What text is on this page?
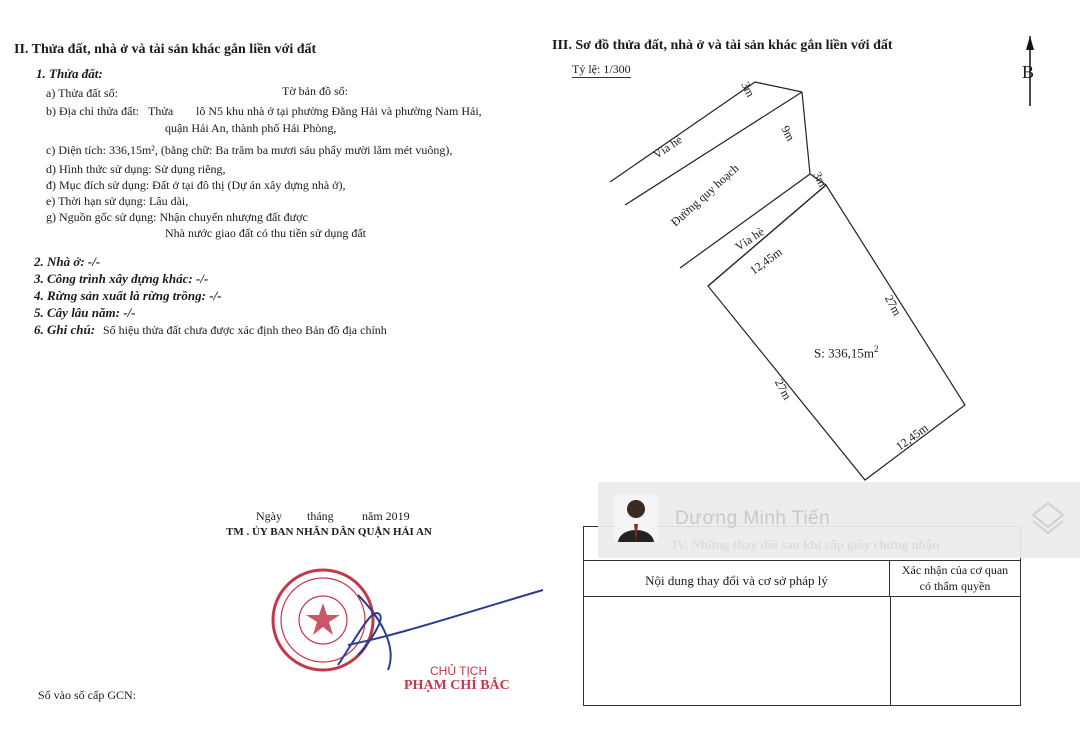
II. Thửa đất, nhà ở và tài sản khác gắn liền với đất
1. Thửa đất:
a) Thửa đất số:	Tờ bản đồ số:
b) Địa chỉ thửa đất: Thửa lô N5 khu nhà ở tại phường Đằng Hải và phường Nam Hải,
quận Hải An, thành phố Hải Phòng,
c) Diện tích: 336,15m², (bằng chữ: Ba trăm ba mươi sáu phẩy mười lăm mét vuông),
d) Hình thức sử dụng: Sử dụng riêng,
đ) Mục đích sử dụng: Đất ở tại đô thị (Dự án xây dựng nhà ở),
e) Thời hạn sử dụng: Lâu dài,
g) Nguồn gốc sử dụng: Nhận chuyển nhượng đất được
Nhà nước giao đất có thu tiền sử dụng đất
2. Nhà ở: -/-
3. Công trình xây dựng khác: -/-
4. Rừng sản xuất là rừng trồng: -/-
5. Cây lâu năm: -/-
6. Ghi chú: Số hiệu thửa đất chưa được xác định theo Bản đồ địa chính
Ngày tháng năm 2019
TM . ỦY BAN NHÂN DÂN QUẬN HẢI AN
CHỦ TỊCH
PHẠM CHÍ BẮC
Số vào sổ cấp GCN:
III. Sơ đồ thửa đất, nhà ở và tài sản khác gắn liền với đất
Tỷ lệ: 1/300	B
Vỉa hè
Đường quy hoạch
Vỉa hè
3m
9m
3m
12,45m
27m
27m
12,45m
S: $336,15m^2$
Nội dung thay đổi và cơ sở pháp lý
Xác nhận của cơ quan
có thẩm quyền
Dương Minh Tiến
